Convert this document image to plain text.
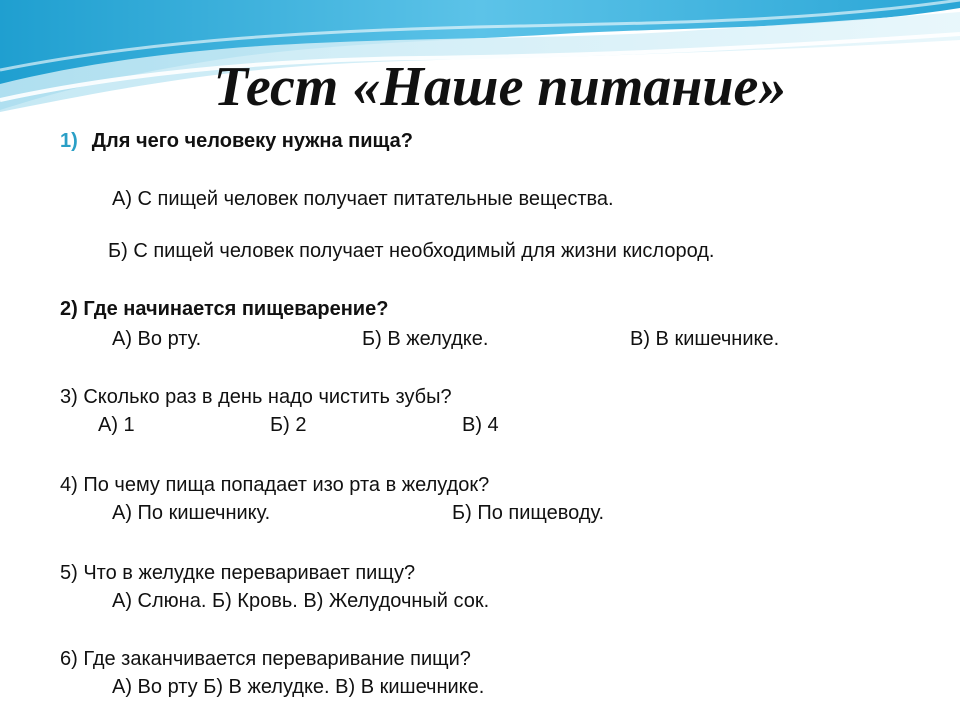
Тест «Наше питание»
1) Для чего человеку нужна пища?
А) С пищей человек получает питательные вещества.
Б) С пищей человек получает необходимый для жизни кислород.
2) Где начинается пищеварение?
А) Во рту.	Б) В желудке.	В) В кишечнике.
3) Сколько раз в день надо чистить зубы?
А) 1	Б) 2	В) 4
4) По чему пища попадает изо рта в желудок?
А) По кишечнику.	Б) По пищеводу.
5) Что в желудке переваривает пищу?
А) Слюна. Б) Кровь. В) Желудочный сок.
6) Где заканчивается переваривание пищи?
А) Во рту Б) В желудке. В) В кишечнике.
